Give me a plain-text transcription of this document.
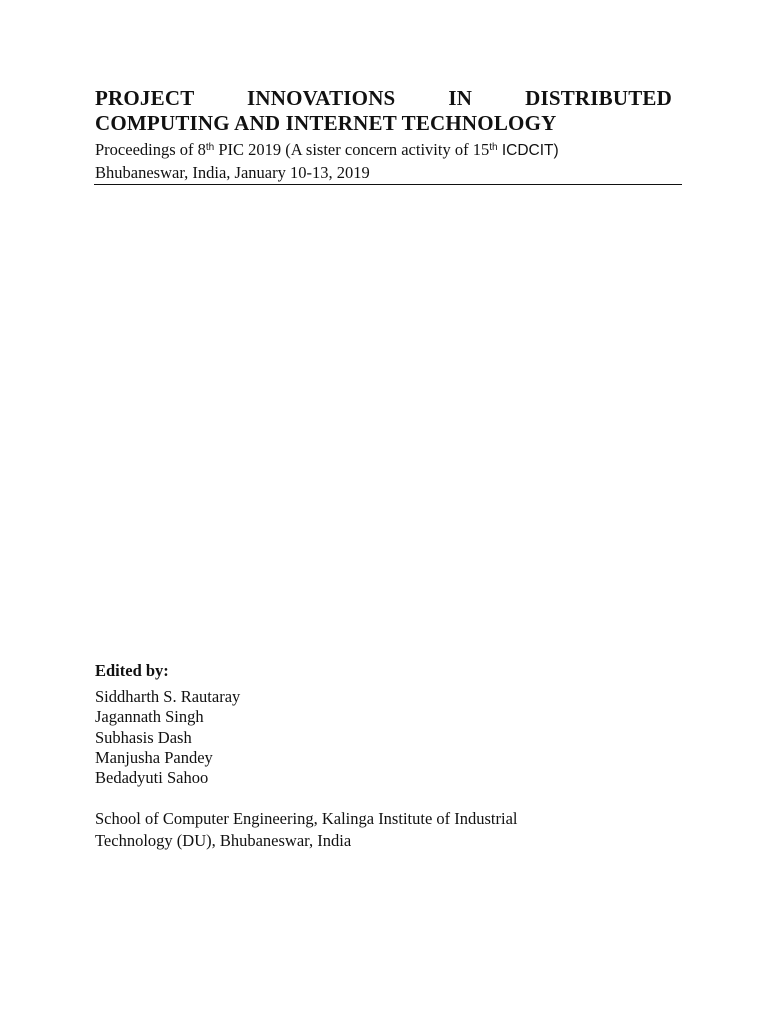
PROJECT INNOVATIONS IN DISTRIBUTED
COMPUTING AND INTERNET TECHNOLOGY
Proceedings of 8th PIC 2019 (A sister concern activity of 15th ICDCIT)
Bhubaneswar, India, January 10-13, 2019

Edited by:

Siddharth S. Rautaray
Jagannath Singh
Subhasis Dash
Manjusha Pandey
Bedadyuti Sahoo

School of Computer Engineering, Kalinga Institute of Industrial
Technology (DU), Bhubaneswar, India
